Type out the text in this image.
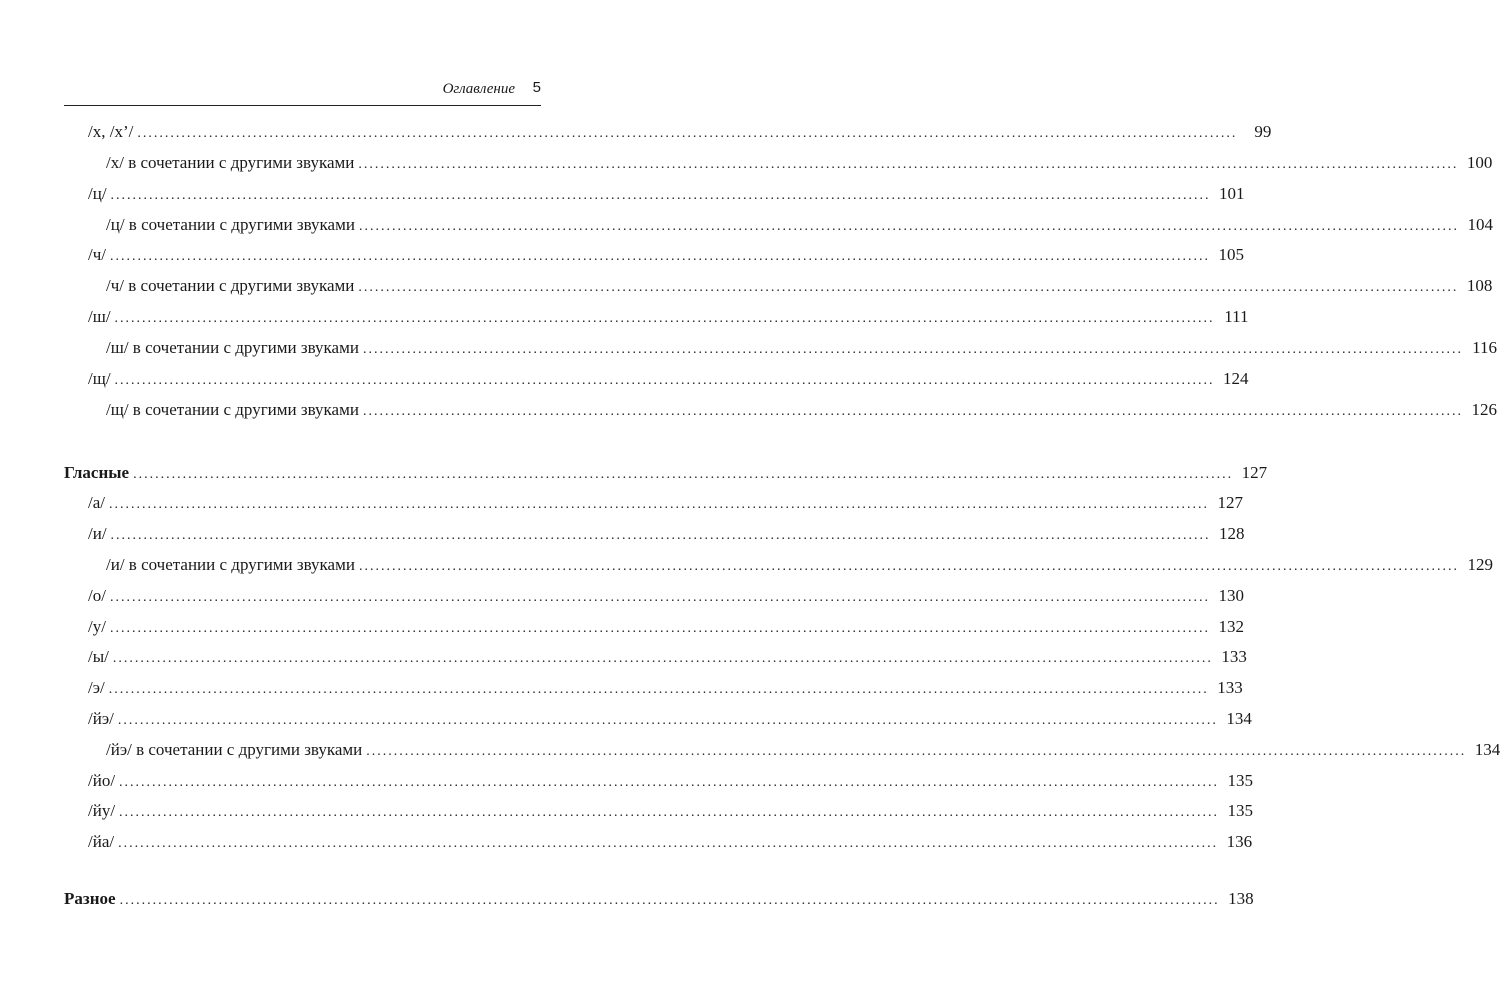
Оглавление 5
/х, /х’/ ........................................................................................................................................................................................................	99
/х/ в сочетании с другими звуками ........................................................................................................................................................................................................ 100
/ц/ ........................................................................................................................................................................................................ 101
/ц/ в сочетании с другими звуками ........................................................................................................................................................................................................ 104
/ч/ ........................................................................................................................................................................................................ 105
/ч/ в сочетании с другими звуками ........................................................................................................................................................................................................ 108
/ш/ ........................................................................................................................................................................................................ 111
/ш/ в сочетании с другими звуками ........................................................................................................................................................................................................ 116
/щ/ ........................................................................................................................................................................................................ 124
/щ/ в сочетании с другими звуками ........................................................................................................................................................................................................ 126
Гласные ........................................................................................................................................................................................................ 127
/а/ ........................................................................................................................................................................................................ 127
/и/ ........................................................................................................................................................................................................ 128
/и/ в сочетании с другими звуками ........................................................................................................................................................................................................ 129
/о/ ........................................................................................................................................................................................................ 130
/у/ ........................................................................................................................................................................................................ 132
/ы/ ........................................................................................................................................................................................................ 133
/э/ ........................................................................................................................................................................................................ 133
/йэ/ ........................................................................................................................................................................................................ 134
/йэ/ в сочетании с другими звуками ........................................................................................................................................................................................................ 134
/йо/ ........................................................................................................................................................................................................ 135
/йу/ ........................................................................................................................................................................................................ 135
/йа/ ........................................................................................................................................................................................................ 136
Разное ........................................................................................................................................................................................................ 138
